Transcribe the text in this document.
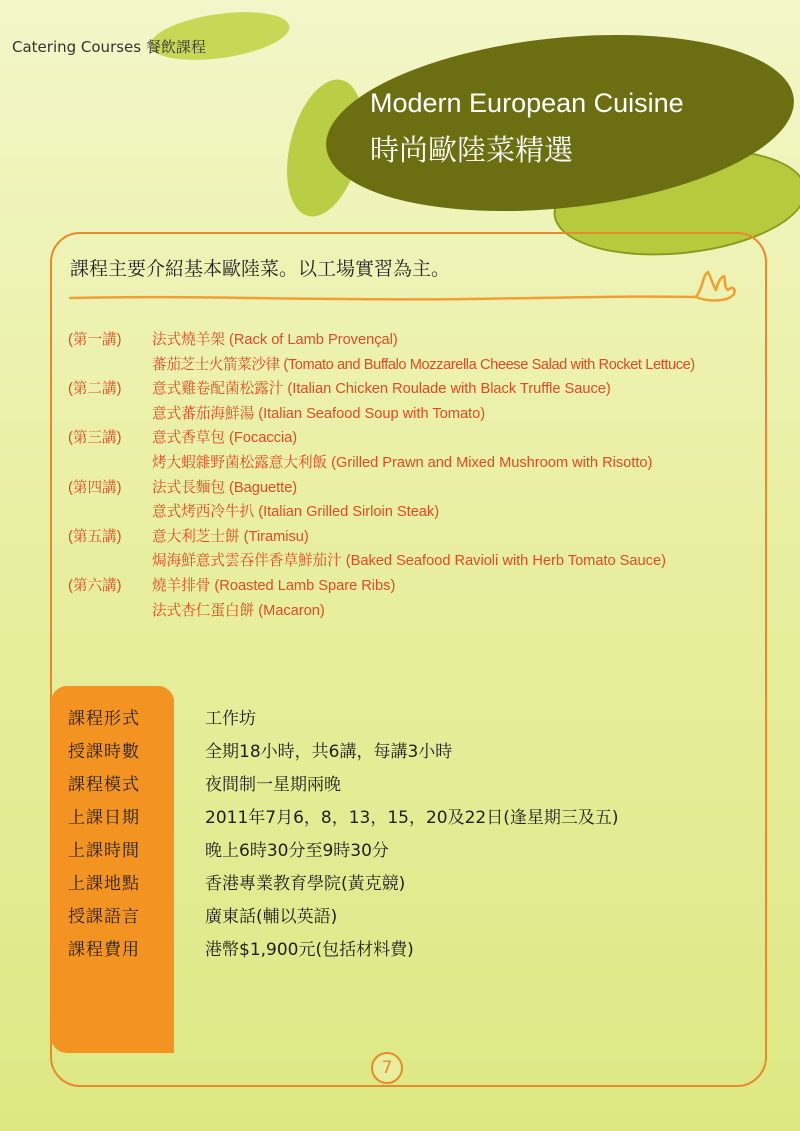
Catering Courses 餐飲課程
Modern European Cuisine
時尚歐陸菜精選
課程主要介紹基本歐陸菜。以工場實習為主。
(第一講)	法式燒羊架 (Rack of Lamb Provençal)
蕃茄芝士火箭菜沙律 (Tomato and Buffalo Mozzarella Cheese Salad with Rocket Lettuce)
(第二講)	意式雞卷配菌松露汁 (Italian Chicken Roulade with Black Truffle Sauce)
意式蕃茄海鮮湯 (Italian Seafood Soup with Tomato)
(第三講)	意式香草包 (Focaccia)
烤大蝦雜野菌松露意大利飯 (Grilled Prawn and Mixed Mushroom with Risotto)
(第四講)	法式長麵包 (Baguette)
意式烤西冷牛扒 (Italian Grilled Sirloin Steak)
(第五講)	意大利芝士餅 (Tiramisu)
焗海鮮意式雲吞伴香草鮮茄汁 (Baked Seafood Ravioli with Herb Tomato Sauce)
(第六講)	燒羊排骨 (Roasted Lamb Spare Ribs)
法式杏仁蛋白餅 (Macaron)
課程形式	工作坊
授課時數	全期18小時，共6講，每講3小時
課程模式	夜間制一星期兩晚
上課日期	2011年7月6，8，13，15，20及22日(逢星期三及五)
上課時間	晚上6時30分至9時30分
上課地點	香港專業教育學院(黃克競)
授課語言	廣東話(輔以英語)
課程費用	港幣$1,900元(包括材料費)
7
